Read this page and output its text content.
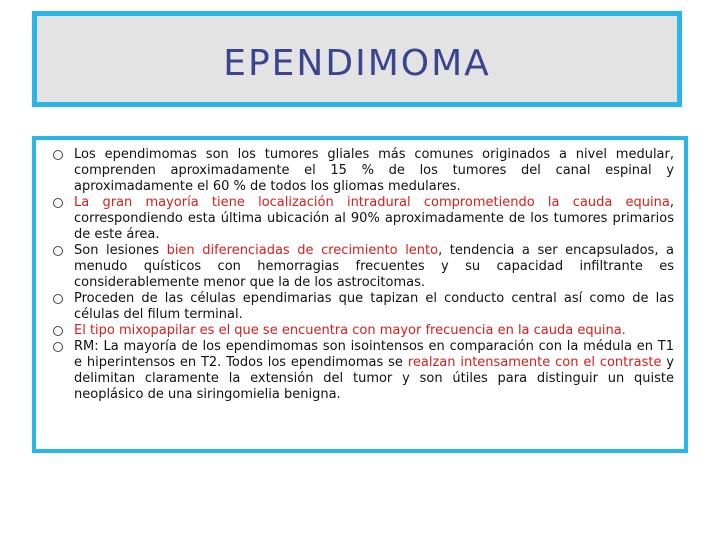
EPENDIMOMA
Los ependimomas son los tumores gliales más comunes originados a nivel medular, comprenden aproximadamente el 15 % de los tumores del canal espinal y aproximadamente el 60 % de todos los gliomas medulares.
La gran mayoría tiene localización intradural comprometiendo la cauda equina, correspondiendo esta última ubicación al 90% aproximadamente de los tumores primarios de este área.
Son lesiones bien diferenciadas de crecimiento lento, tendencia a ser encapsulados, a menudo quísticos con hemorragias frecuentes y su capacidad infiltrante es considerablemente menor que la de los astrocitomas.
Proceden de las células ependimarias que tapizan el conducto central así como de las células del filum terminal.
El tipo mixopapilar es el que se encuentra con mayor frecuencia en la cauda equina.
RM: La mayoría de los ependimomas son isointensos en comparación con la médula en T1 e hiperintensos en T2. Todos los ependimomas se realzan intensamente con el contraste y delimitan claramente la extensión del tumor y son útiles para distinguir un quiste neoplásico de una siringomielia benigna.
